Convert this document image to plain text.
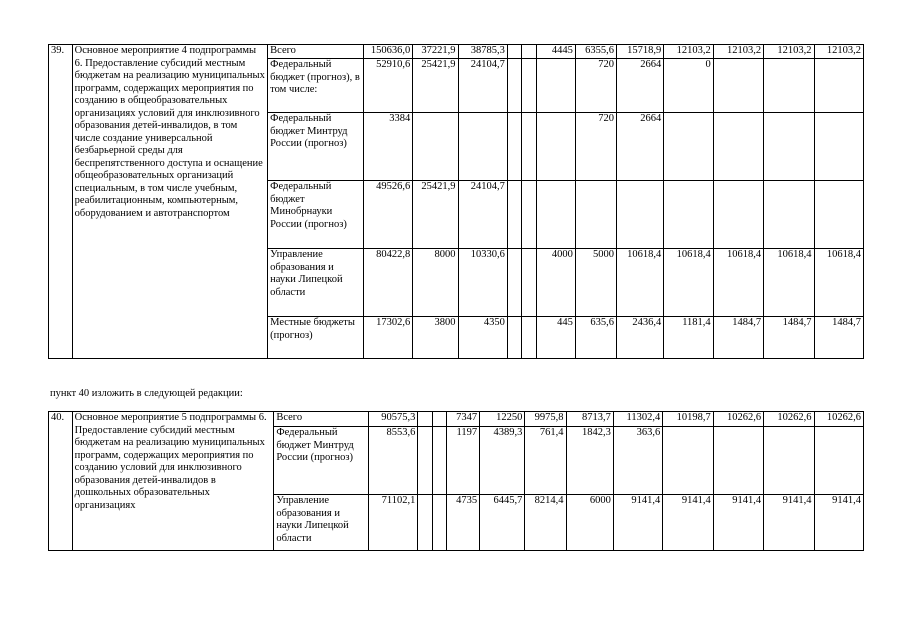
39.	Основное мероприятие 4 подпрограммы 6. Предоставление субсидий местным бюджетам на реализацию муниципальных программ, содержащих мероприятия по созданию в общеобразовательных организациях условий для инклюзивного образования детей-инвалидов, в том числе создание универсальной безбарьерной среды для беспрепятственного доступа и оснащение общеобразовательных организаций специальным, в том числе учебным, реабилитационным, компьютерным, оборудованием и автотранспортом	Всего	150636,0	37221,9	38785,3			4445	6355,6	15718,9	12103,2	12103,2	12103,2	12103,2
		Федеральный бюджет (прогноз), в том числе:	52910,6	25421,9	24104,7				720	2664	0			
		Федеральный бюджет Минтруд России (прогноз)	3384						720	2664				
		Федеральный бюджет Минобрнауки России (прогноз)	49526,6	25421,9	24104,7									
		Управление образования и науки Липецкой области	80422,8	8000	10330,6			4000	5000	10618,4	10618,4	10618,4	10618,4	10618,4
		Местные бюджеты (прогноз)	17302,6	3800	4350			445	635,6	2436,4	1181,4	1484,7	1484,7	1484,7
пункт 40 изложить в следующей редакции:
40.	Основное мероприятие 5 подпрограммы 6. Предоставление субсидий местным бюджетам на реализацию муниципальных программ, содержащих мероприятия по созданию условий для инклюзивного образования детей-инвалидов в дошкольных образовательных организациях	Всего	90575,3			7347	12250	9975,8	8713,7	11302,4	10198,7	10262,6	10262,6	10262,6
		Федеральный бюджет Минтруд России (прогноз)	8553,6			1197	4389,3	761,4	1842,3	363,6				
		Управление образования и науки Липецкой области	71102,1			4735	6445,7	8214,4	6000	9141,4	9141,4	9141,4	9141,4	9141,4
